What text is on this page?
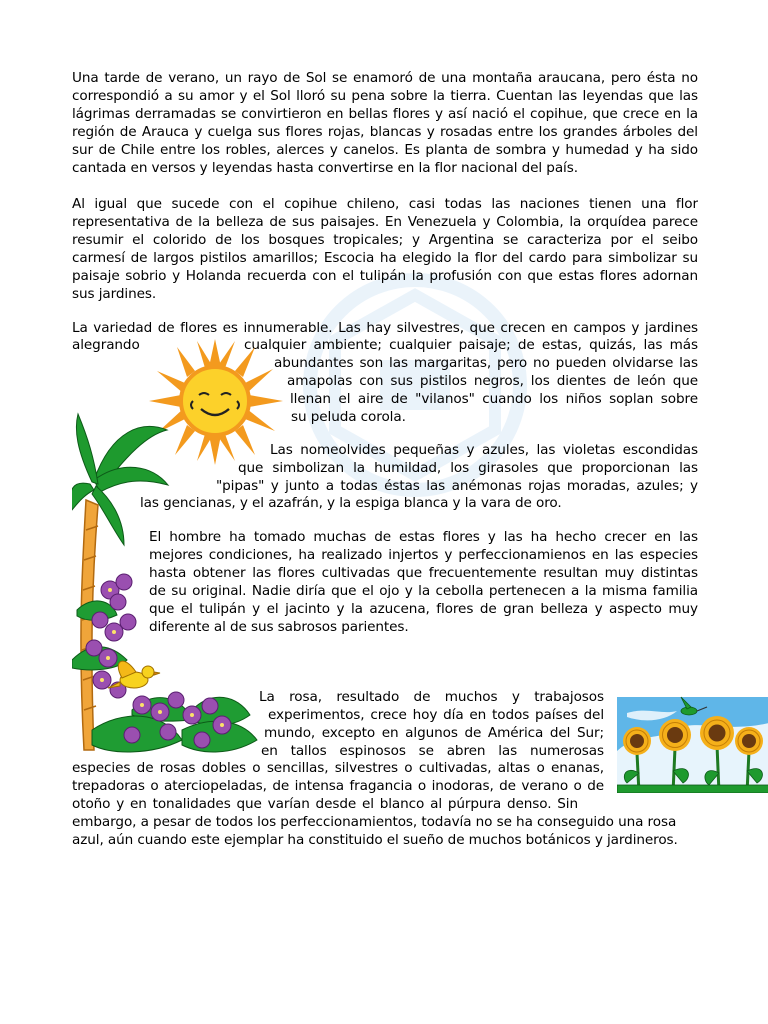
Una tarde de verano, un rayo de Sol se enamoró de una montaña araucana, pero ésta no
correspondió a su amor y el Sol lloró su pena sobre la tierra. Cuentan las leyendas que las
lágrimas derramadas se convirtieron en bellas flores y así nació el copihue, que crece en la
región de Arauca y cuelga sus flores rojas, blancas y rosadas entre los grandes árboles del
sur de Chile entre los robles, alerces y canelos. Es planta de sombra y humedad y ha sido
cantada en versos y leyendas hasta convertirse en la flor nacional del país.
Al igual que sucede con el copihue chileno, casi todas las naciones tienen una flor
representativa de la belleza de sus paisajes. En Venezuela y Colombia, la orquídea parece
resumir el colorido de los bosques tropicales; y Argentina se caracteriza por el seibo
carmesí de largos pistilos amarillos; Escocia ha elegido la flor del cardo para simbolizar su
paisaje sobrio y Holanda recuerda con el tulipán la profusión con que estas flores adornan
sus jardines.
La variedad de flores es innumerable. Las hay silvestres, que crecen en campos y jardines
alegrando	cualquier ambiente; cualquier paisaje; de estas, quizás, las más
abundantes son las margaritas, pero no pueden olvidarse las
amapolas con sus pistilos negros, los dientes de león que
llenan el aire de "vilanos" cuando los niños soplan sobre
su peluda corola.
Las nomeolvides pequeñas y azules, las violetas escondidas
que simbolizan la humildad, los girasoles que proporcionan las
"pipas" y junto a todas éstas las anémonas rojas moradas, azules; y
las gencianas, y el azafrán, y la espiga blanca y la vara de oro.
El hombre ha tomado muchas de estas flores y las ha hecho crecer en las
mejores condiciones, ha realizado injertos y perfeccionamienos en las especies
hasta obtener las flores cultivadas que frecuentemente resultan muy distintas
de su original. Nadie diría que el ojo y la cebolla pertenecen a la misma familia
que el tulipán y el jacinto y la azucena, flores de gran belleza y aspecto muy
diferente al de sus sabrosos parientes.
La rosa, resultado de muchos y trabajosos
experimentos, crece hoy día en todos países del
mundo, excepto en algunos de América del Sur;
en tallos espinosos se abren las numerosas
especies de rosas dobles o sencillas, silvestres o cultivadas, altas o enanas,
trepadoras o aterciopeladas, de intensa fragancia o inodoras, de verano o de
otoño y en tonalidades que varían desde el blanco al púrpura denso. Sin
embargo, a pesar de todos los perfeccionamientos, todavía no se ha conseguido una rosa
azul, aún cuando este ejemplar ha constituido el sueño de muchos botánicos y jardineros.
